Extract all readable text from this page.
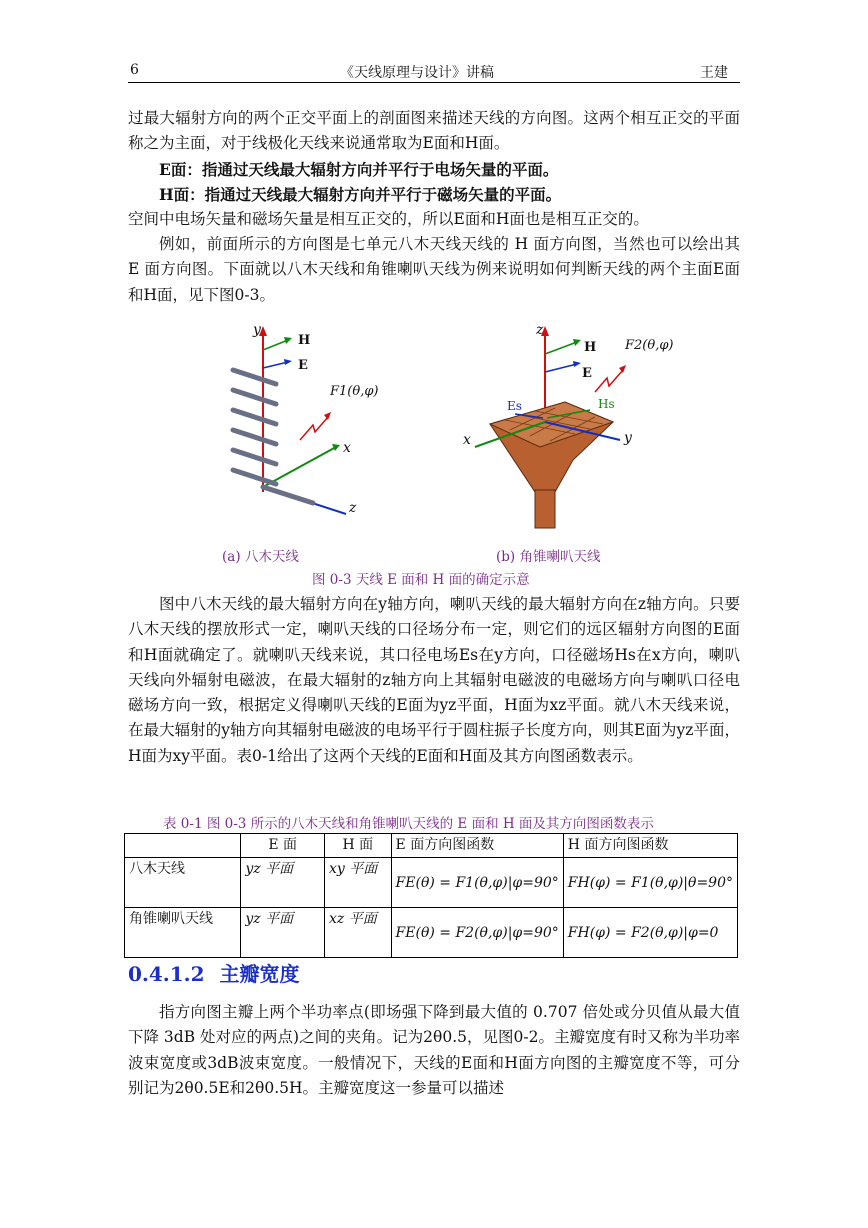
6	《天线原理与设计》讲稿	王建
过最大辐射方向的两个正交平面上的剖面图来描述天线的方向图。这两个相互正交的平面称之为主面，对于线极化天线来说通常取为E面和H面。
E面：指通过天线最大辐射方向并平行于电场矢量的平面。
H面：指通过天线最大辐射方向并平行于磁场矢量的平面。
空间中电场矢量和磁场矢量是相互正交的，所以E面和H面也是相互正交的。
例如，前面所示的方向图是七单元八木天线天线的 H 面方向图，当然也可以绘出其 E 面方向图。下面就以八木天线和角锥喇叭天线为例来说明如何判断天线的两个主面E面和H面，见下图0-3。
y
H
E
F1(θ,φ)
x
z
z
H F2(θ,φ)
E
Es	Hs
x	y
(a) 八木天线	(b) 角锥喇叭天线
图 0-3 天线 E 面和 H 面的确定示意
图中八木天线的最大辐射方向在y轴方向，喇叭天线的最大辐射方向在z轴方向。只要八木天线的摆放形式一定，喇叭天线的口径场分布一定，则它们的远区辐射方向图的E面和H面就确定了。就喇叭天线来说，其口径电场Es在y方向，口径磁场Hs在x方向，喇叭天线向外辐射电磁波，在最大辐射的z轴方向上其辐射电磁波的电磁场方向与喇叭口径电磁场方向一致，根据定义得喇叭天线的E面为yz平面，H面为xz平面。就八木天线来说，在最大辐射的y轴方向其辐射电磁波的电场平行于圆柱振子长度方向，则其E面为yz平面，H面为xy平面。表0-1给出了这两个天线的E面和H面及其方向图函数表示。
表 0-1 图 0-3 所示的八木天线和角锥喇叭天线的 E 面和 H 面及其方向图函数表示
	E 面	H 面	E 面方向图函数	H 面方向图函数
八木天线	yz 平面	xy 平面	FE(θ) = F1(θ,φ)|φ=90°	FH(φ) = F1(θ,φ)|θ=90°
角锥喇叭天线	yz 平面	xz 平面	FE(θ) = F2(θ,φ)|φ=90°	FH(φ) = F2(θ,φ)|φ=0
0.4.1.2 主瓣宽度
指方向图主瓣上两个半功率点(即场强下降到最大值的 0.707 倍处或分贝值从最大值下降 3dB 处对应的两点)之间的夹角。记为2θ0.5，见图0-2。主瓣宽度有时又称为半功率波束宽度或3dB波束宽度。一般情况下，天线的E面和H面方向图的主瓣宽度不等，可分别记为2θ0.5E和2θ0.5H。主瓣宽度这一参量可以描述
